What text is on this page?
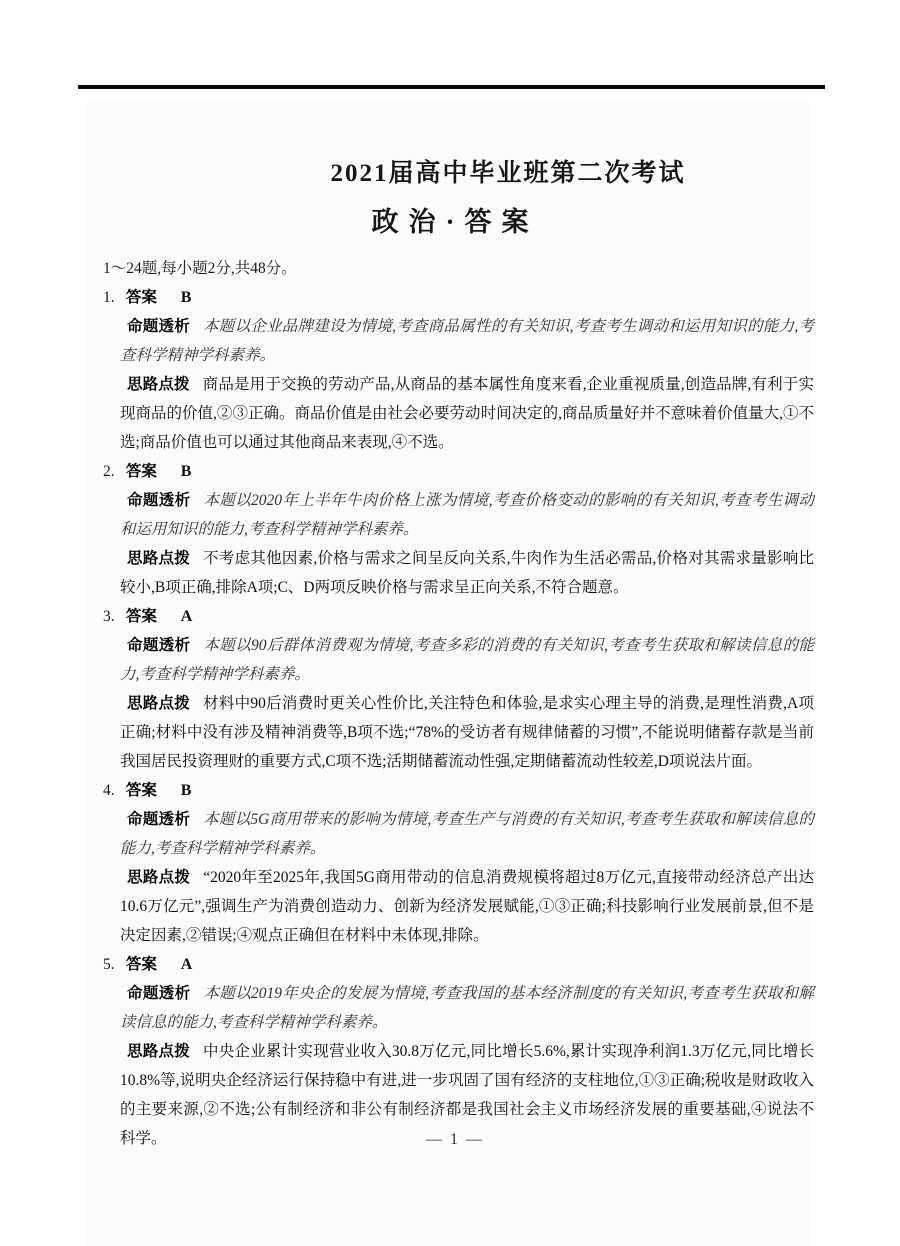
2021届高中毕业班第二次考试
政治·答案

1～24题,每小题2分,共48分。

1. 答案 B

命题透析 本题以企业品牌建设为情境,考查商品属性的有关知识,考查考生调动和运用知识的能力,考查科学精神学科素养。

思路点拨 商品是用于交换的劳动产品,从商品的基本属性角度来看,企业重视质量,创造品牌,有利于实现商品的价值,②③正确。商品价值是由社会必要劳动时间决定的,商品质量好并不意味着价值量大,①不选;商品价值也可以通过其他商品来表现,④不选。

2. 答案 B

命题透析 本题以2020年上半年牛肉价格上涨为情境,考查价格变动的影响的有关知识,考查考生调动和运用知识的能力,考查科学精神学科素养。

思路点拨 不考虑其他因素,价格与需求之间呈反向关系,牛肉作为生活必需品,价格对其需求量影响比较小,B项正确,排除A项;C、D两项反映价格与需求呈正向关系,不符合题意。

3. 答案 A

命题透析 本题以90后群体消费观为情境,考查多彩的消费的有关知识,考查考生获取和解读信息的能力,考查科学精神学科素养。

思路点拨 材料中90后消费时更关心性价比,关注特色和体验,是求实心理主导的消费,是理性消费,A项正确;材料中没有涉及精神消费等,B项不选;“78%的受访者有规律储蓄的习惯”,不能说明储蓄存款是当前我国居民投资理财的重要方式,C项不选;活期储蓄流动性强,定期储蓄流动性较差,D项说法片面。

4. 答案 B

命题透析 本题以5G商用带来的影响为情境,考查生产与消费的有关知识,考查考生获取和解读信息的能力,考查科学精神学科素养。

思路点拨 “2020年至2025年,我国5G商用带动的信息消费规模将超过8万亿元,直接带动经济总产出达10.6万亿元”,强调生产为消费创造动力、创新为经济发展赋能,①③正确;科技影响行业发展前景,但不是决定因素,②错误;④观点正确但在材料中未体现,排除。

5. 答案 A

命题透析 本题以2019年央企的发展为情境,考查我国的基本经济制度的有关知识,考查考生获取和解读信息的能力,考查科学精神学科素养。

思路点拨 中央企业累计实现营业收入30.8万亿元,同比增长5.6%,累计实现净利润1.3万亿元,同比增长10.8%等,说明央企经济运行保持稳中有进,进一步巩固了国有经济的支柱地位,①③正确;税收是财政收入的主要来源,②不选;公有制经济和非公有制经济都是我国社会主义市场经济发展的重要基础,④说法不科学。	— 1 —
